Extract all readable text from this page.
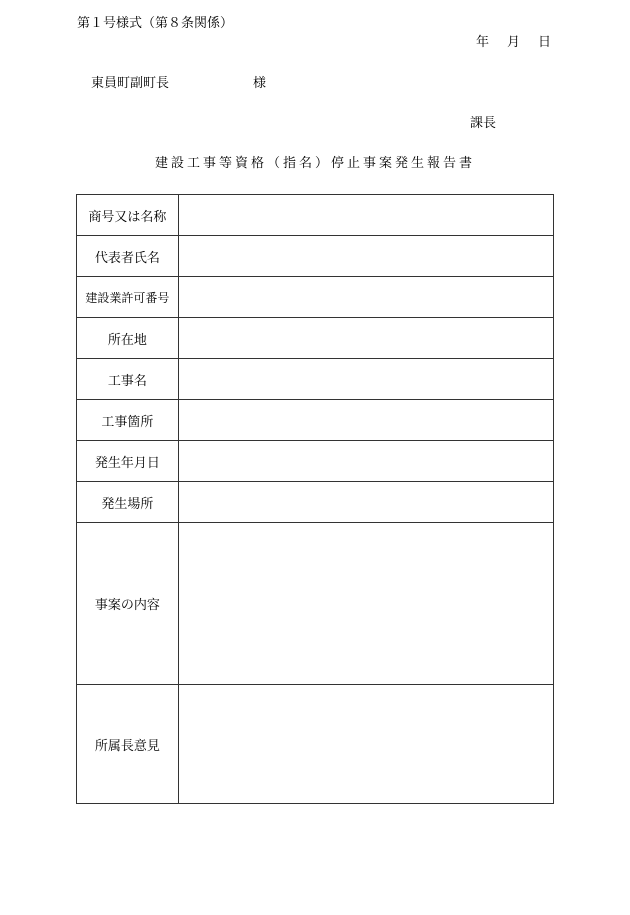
第１号様式（第８条関係）
年 月 日
東員町副町長	様
課長
建設工事等資格（指名）停止事案発生報告書
商号又は名称	
代表者氏名	
建設業許可番号	
所在地	
工事名	
工事箇所	
発生年月日	
発生場所	
事案の内容	
所属長意見	
